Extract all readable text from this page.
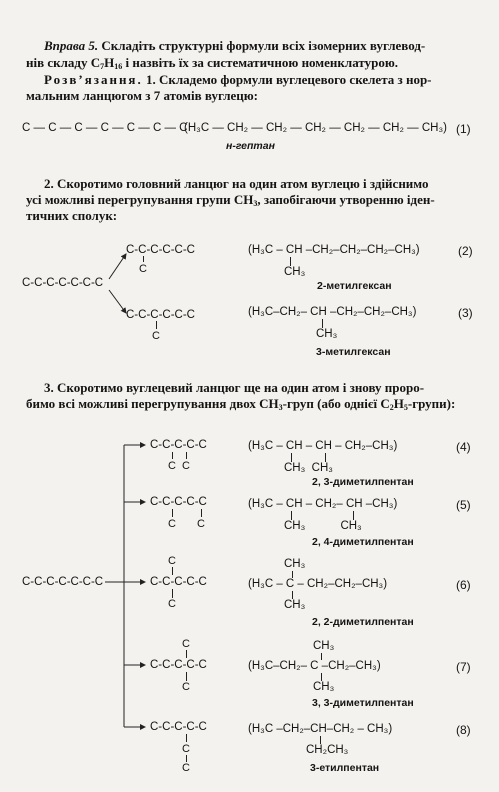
Вправа 5. Складіть структурні формули всіх ізомерних вуглевод-
нів складу $C_7H_{16}$ і назвіть їх за систематичною номенклатурою.
Розв’язання. 1. Складемо формули вуглецевого скелета з нор-
мальним ланцюгом з 7 атомів вуглецю:
C — C — C — C — C — C — C
(H₃C — CH₂ — CH₂ — CH₂ — CH₂ — CH₂ — CH₃) (1)
н-гептан
2. Скоротимо головний ланцюг на один атом вуглецю і здійснимо
усі можливі перегрупування групи $CH_3$, запобігаючи утворенню іден-
тичних сполук:
C-C-C-C-C-C-C
C-C-C-C-C-C
C
C-C-C-C-C-C
C
(H₃C – CH –CH₂–CH₂–CH₂–CH₃)
CH₃
(2)
2-метилгексан
(H₃C–CH₂– CH –CH₂–CH₂–CH₃)
CH₃
(3)
3-метилгексан
3. Скоротимо вуглецевий ланцюг ще на один атом і знову проро-
бимо всі можливі перегрупування двох $CH_3$-груп (або однієї $C_2H_5-групи$):
C-C-C-C-C-C-C
C-C-C-C-C
C C
C-C-C-C-C
C C
C
C-C-C-C-C
C
C
C-C-C-C-C
C
C-C-C-C-C
C
C
(H₃C – CH – CH – CH₂–CH₃)
CH₃  CH₃
(4)
2, 3-диметилпентан
(H₃C – CH – CH₂– CH –CH₃)
CH₃           CH₃
(5)
2, 4-диметилпентан
CH₃
(H₃C – C – CH₂–CH₂–CH₃)
CH₃
(6)
2, 2-диметилпентан
CH₃
(H₃C–CH₂– C –CH₂–CH₃)
CH₃
(7)
3, 3-диметилпентан
(H₃C –CH₂–CH–CH₂ – CH₃)
CH₂CH₃
(8)
3-етилпентан
